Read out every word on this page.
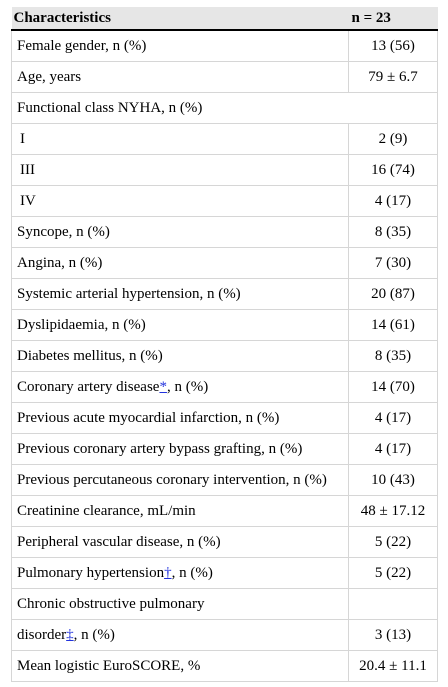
Characteristics	n = 23
Female gender, n (%)	13 (56)
Age, years	79 ± 6.7
Functional class NYHA, n (%)	
I	2 (9)
III	16 (74)
IV	4 (17)
Syncope, n (%)	8 (35)
Angina, n (%)	7 (30)
Systemic arterial hypertension, n (%)	20 (87)
Dyslipidaemia, n (%)	14 (61)
Diabetes mellitus, n (%)	8 (35)
Coronary artery disease*, n (%)	14 (70)
Previous acute myocardial infarction, n (%)	4 (17)
Previous coronary artery bypass grafting, n (%)	4 (17)
Previous percutaneous coronary intervention, n (%)	10 (43)
Creatinine clearance, mL/min	48 ± 17.12
Peripheral vascular disease, n (%)	5 (22)
Pulmonary hypertension†, n (%)	5 (22)
Chronic obstructive pulmonary	
disorder‡, n (%)	3 (13)
Mean logistic EuroSCORE, %	20.4 ± 11.1
